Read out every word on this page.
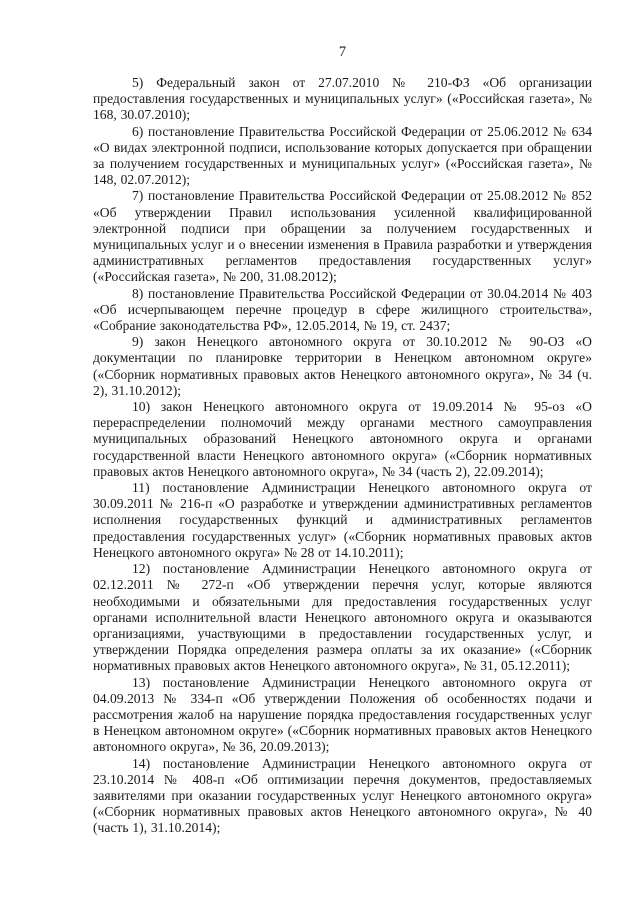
7

5) Федеральный закон от 27.07.2010 № 210-ФЗ «Об организации предоставления государственных и муниципальных услуг» («Российская газета», № 168, 30.07.2010);

6) постановление Правительства Российской Федерации от 25.06.2012 № 634 «О видах электронной подписи, использование которых допускается при обращении за получением государственных и муниципальных услуг» («Российская газета», № 148, 02.07.2012);

7) постановление Правительства Российской Федерации от 25.08.2012 № 852 «Об утверждении Правил использования усиленной квалифицированной электронной подписи при обращении за получением государственных и муниципальных услуг и о внесении изменения в Правила разработки и утверждения административных регламентов предоставления государственных услуг» («Российская газета», № 200, 31.08.2012);

8) постановление Правительства Российской Федерации от 30.04.2014 № 403 «Об исчерпывающем перечне процедур в сфере жилищного строительства», «Собрание законодательства РФ», 12.05.2014, № 19, ст. 2437;

9) закон Ненецкого автономного округа от 30.10.2012 № 90-ОЗ «О документации по планировке территории в Ненецком автономном округе» («Сборник нормативных правовых актов Ненецкого автономного округа», № 34 (ч. 2), 31.10.2012);

10) закон Ненецкого автономного округа от 19.09.2014 № 95-оз «О перераспределении полномочий между органами местного самоуправления муниципальных образований Ненецкого автономного округа и органами государственной власти Ненецкого автономного округа» («Сборник нормативных правовых актов Ненецкого автономного округа», № 34 (часть 2), 22.09.2014);

11) постановление Администрации Ненецкого автономного округа от 30.09.2011 № 216-п «О разработке и утверждении административных регламентов исполнения государственных функций и административных регламентов предоставления государственных услуг» («Сборник нормативных правовых актов Ненецкого автономного округа» № 28 от 14.10.2011);

12) постановление Администрации Ненецкого автономного округа от 02.12.2011 № 272-п «Об утверждении перечня услуг, которые являются необходимыми и обязательными для предоставления государственных услуг органами исполнительной власти Ненецкого автономного округа и оказываются организациями, участвующими в предоставлении государственных услуг, и утверждении Порядка определения размера оплаты за их оказание» («Сборник нормативных правовых актов Ненецкого автономного округа», № 31, 05.12.2011);

13) постановление Администрации Ненецкого автономного округа от 04.09.2013 № 334-п «Об утверждении Положения об особенностях подачи и рассмотрения жалоб на нарушение порядка предоставления государственных услуг в Ненецком автономном округе» («Сборник нормативных правовых актов Ненецкого автономного округа», № 36, 20.09.2013);

14) постановление Администрации Ненецкого автономного округа от 23.10.2014 № 408-п «Об оптимизации перечня документов, предоставляемых заявителями при оказании государственных услуг Ненецкого автономного округа» («Сборник нормативных правовых актов Ненецкого автономного округа», № 40 (часть 1), 31.10.2014);
